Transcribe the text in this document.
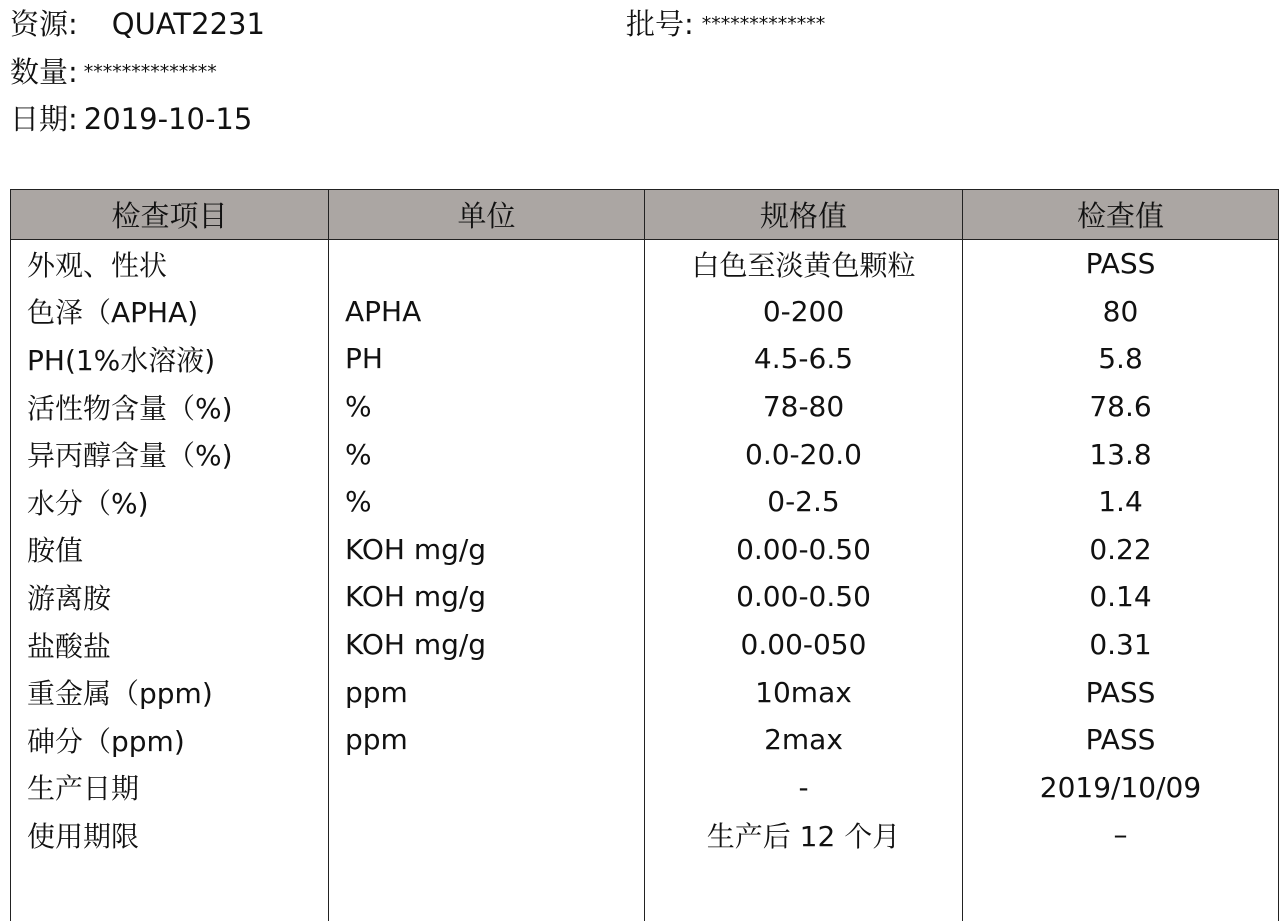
资源: QUAT2231	批号: *************
数量: **************
日期: 2019-10-15
检查项目	单位	规格值	检查值
外观、性状		白色至淡黄色颗粒	PASS
色泽（APHA)	APHA	0-200	80
PH(1%水溶液)	PH	4.5-6.5	5.8
活性物含量（%)	%	78-80	78.6
异丙醇含量（%)	%	0.0-20.0	13.8
水分（%)	%	0-2.5	1.4
胺值	KOH mg/g	0.00-0.50	0.22
游离胺	KOH mg/g	0.00-0.50	0.14
盐酸盐	KOH mg/g	0.00-050	0.31
重金属（ppm)	ppm	10max	PASS
砷分（ppm)	ppm	2max	PASS
生产日期		-	2019/10/09
使用期限		生产后 12 个月	–
